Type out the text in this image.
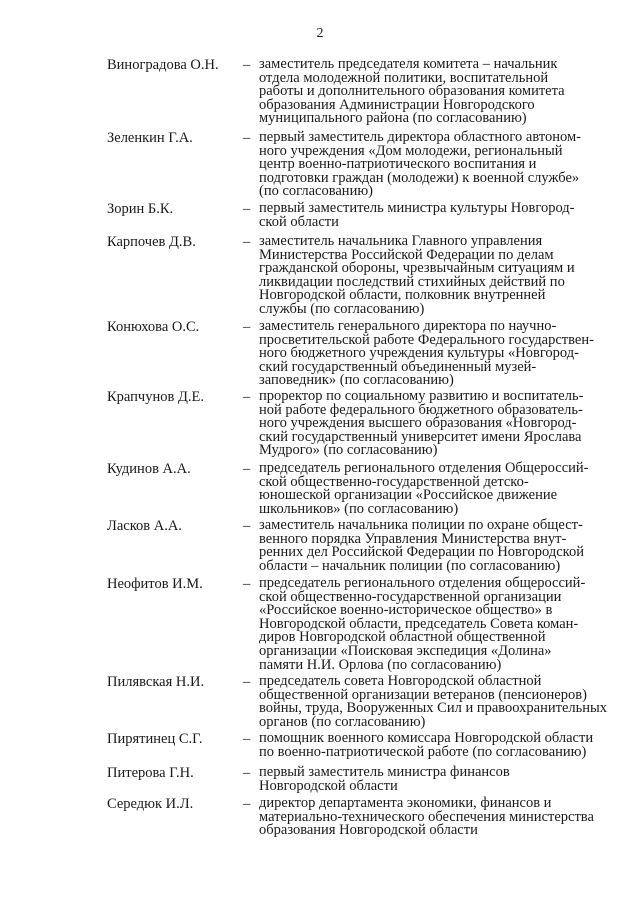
2
Виноградова О.Н. – заместитель председателя комитета – начальник
отдела молодежной политики, воспитательной
работы и дополнительного образования комитета
образования Администрации Новгородского
муниципального района (по согласованию)
Зеленкин Г.А.	– первый заместитель директора областного автоном-
ного учреждения «Дом молодежи, региональный
центр военно-патриотического воспитания и
подготовки граждан (молодежи) к военной службе»
(по согласованию)
Зорин Б.К.	– первый заместитель министра культуры Новгород-
ской области
Карпочев Д.В.	– заместитель начальника Главного управления
Министерства Российской Федерации по делам
гражданской обороны, чрезвычайным ситуациям и
ликвидации последствий стихийных действий по
Новгородской области, полковник внутренней
службы (по согласованию)
Конюхова О.С.	– заместитель генерального директора по научно-
просветительской работе Федерального государствен-
ного бюджетного учреждения культуры «Новгород-
ский государственный объединенный музей-
заповедник» (по согласованию)
Крапчунов Д.Е.	– проректор по социальному развитию и воспитатель-
ной работе федерального бюджетного образователь-
ного учреждения высшего образования «Новгород-
ский государственный университет имени Ярослава
Мудрого» (по согласованию)
Кудинов А.А.	– председатель регионального отделения Общероссий-
ской общественно-государственной детско-
юношеской организации «Российское движение
школьников» (по согласованию)
Ласков А.А.	– заместитель начальника полиции по охране общест-
венного порядка Управления Министерства внут-
ренних дел Российской Федерации по Новгородской
области – начальник полиции (по согласованию)
Неофитов И.М.	– председатель регионального отделения общероссий-
ской общественно-государственной организации
«Российское военно-историческое общество» в
Новгородской области, председатель Совета коман-
диров Новгородской областной общественной
организации «Поисковая экспедиция «Долина»
памяти Н.И. Орлова (по согласованию)
Пилявская Н.И.	– председатель совета Новгородской областной
общественной организации ветеранов (пенсионеров)
войны, труда, Вооруженных Сил и правоохранительных
органов (по согласованию)
Пирятинец С.Г.	– помощник военного комиссара Новгородской области
по военно-патриотической работе (по согласованию)
Питерова Г.Н.	– первый заместитель министра финансов
Новгородской области
Середюк И.Л.	– директор департамента экономики, финансов и
материально-технического обеспечения министерства
образования Новгородской области
